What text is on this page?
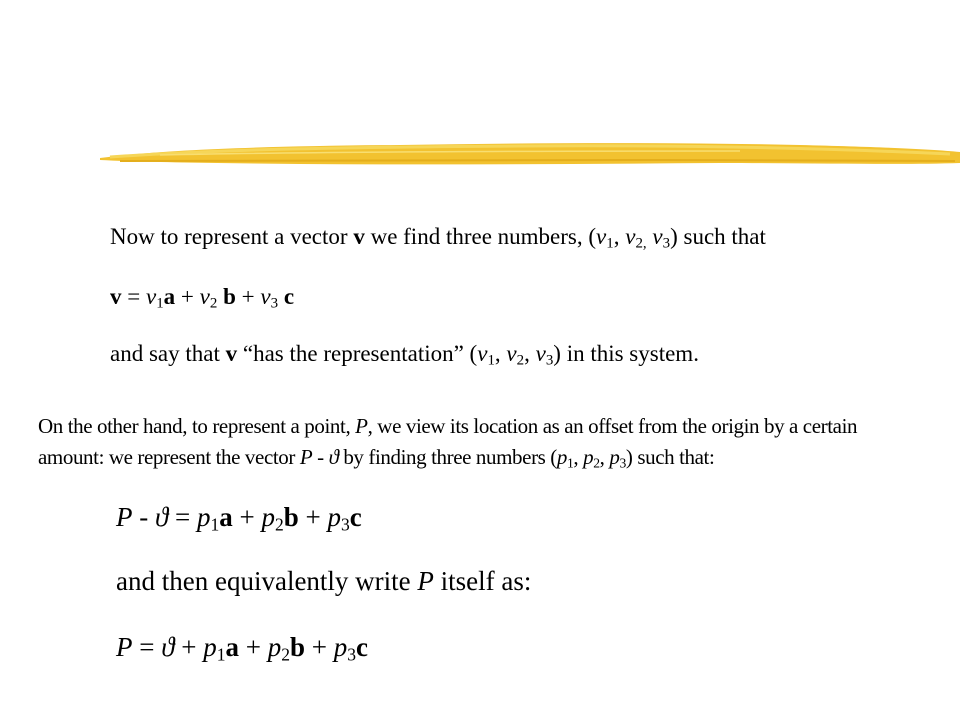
Now to represent a vector v we find three numbers, ($v_1$, $v_{2,}$ $v_3$) such that
$v = v_1a + v_2$ $b + v_3$ c
and say that v “has the representation” ($v_1$, $v_2$, $v_3$) in this system.
On the other hand, to represent a point, P, we view its location as an offset from the origin by a certain
amount: we represent the vector P - ϑ by finding three numbers ($p_1$, $p_2$, $p_3$) such that:
$P - ϑ = p_1a + p_2b + p_3c$
and then equivalently write P itself as:
$P = ϑ + p_1a + p_2b + p_3c$
